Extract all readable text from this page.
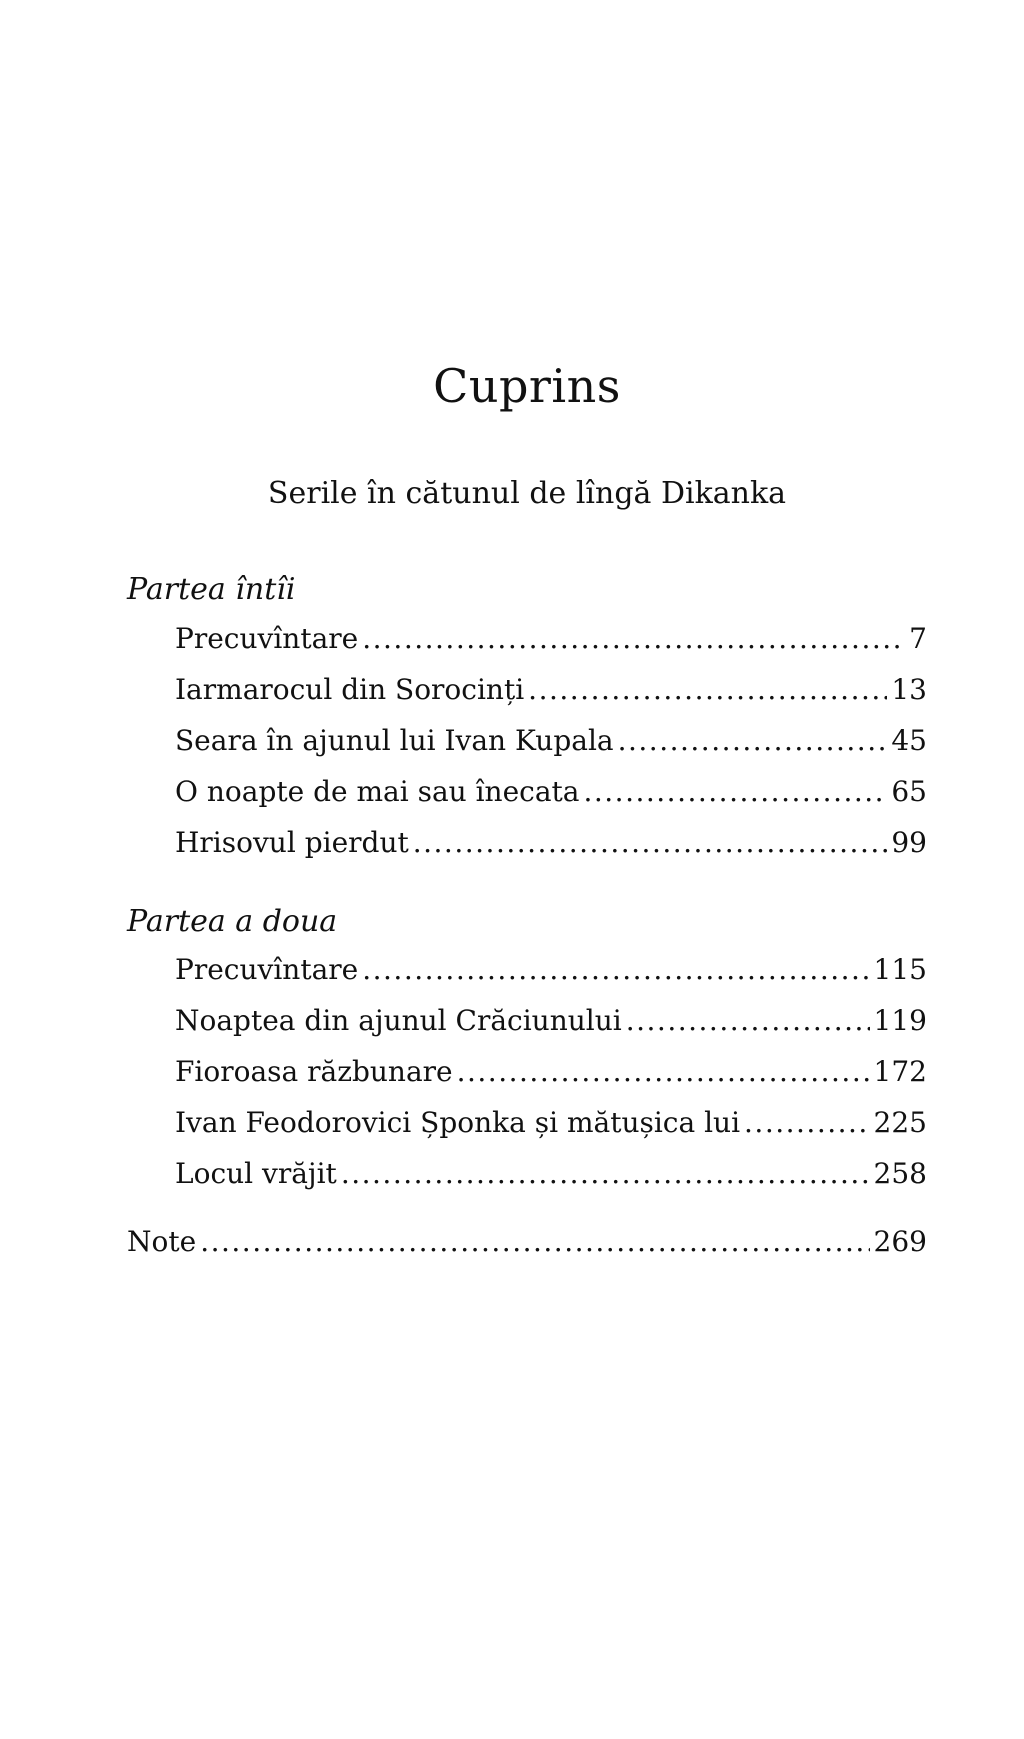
Cuprins
Serile în cătunul de lîngă Dikanka
Partea întîi
Precuvîntare .....	7
Iarmarocul din Sorocinți .....	13
Seara în ajunul lui Ivan Kupala .....	45
O noapte de mai sau înecata .....	65
Hrisovul pierdut .....	99
Partea a doua
Precuvîntare .....	115
Noaptea din ajunul Crăciunului .....	119
Fioroasa răzbunare .....	172
Ivan Feodorovici Șponka și mătușica lui .....	225
Locul vrăjit .....	258
Note .....	269
